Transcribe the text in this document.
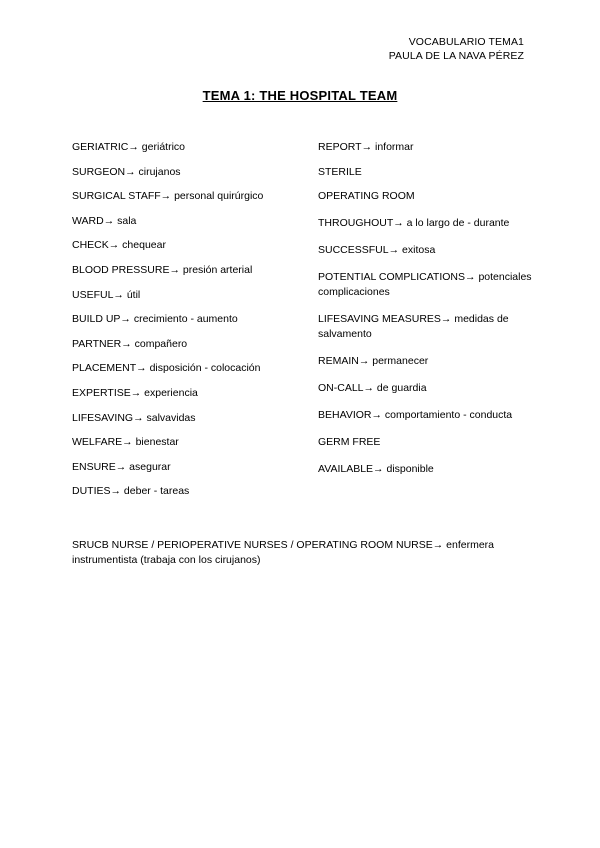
VOCABULARIO TEMA1
PAULA DE LA NAVA PÉREZ
TEMA 1: THE HOSPITAL TEAM
GERIATRIC→ geriátrico
SURGEON→ cirujanos
SURGICAL STAFF→ personal quirúrgico
WARD→ sala
CHECK→ chequear
BLOOD PRESSURE→ presión arterial
USEFUL→ útil
BUILD UP→ crecimiento - aumento
PARTNER→ compañero
PLACEMENT→ disposición - colocación
EXPERTISE→ experiencia
LIFESAVING→ salvavidas
WELFARE→ bienestar
ENSURE→ asegurar
DUTIES→ deber - tareas
REPORT→ informar
STERILE
OPERATING ROOM
THROUGHOUT→ a lo largo de - durante
SUCCESSFUL→ exitosa
POTENTIAL COMPLICATIONS→ potenciales complicaciones
LIFESAVING MEASURES→ medidas de salvamento
REMAIN→ permanecer
ON-CALL→ de guardia
BEHAVIOR→ comportamiento - conducta
GERM FREE
AVAILABLE→ disponible
SRUCB NURSE / PERIOPERATIVE NURSES / OPERATING ROOM NURSE→ enfermera instrumentista (trabaja con los cirujanos)
